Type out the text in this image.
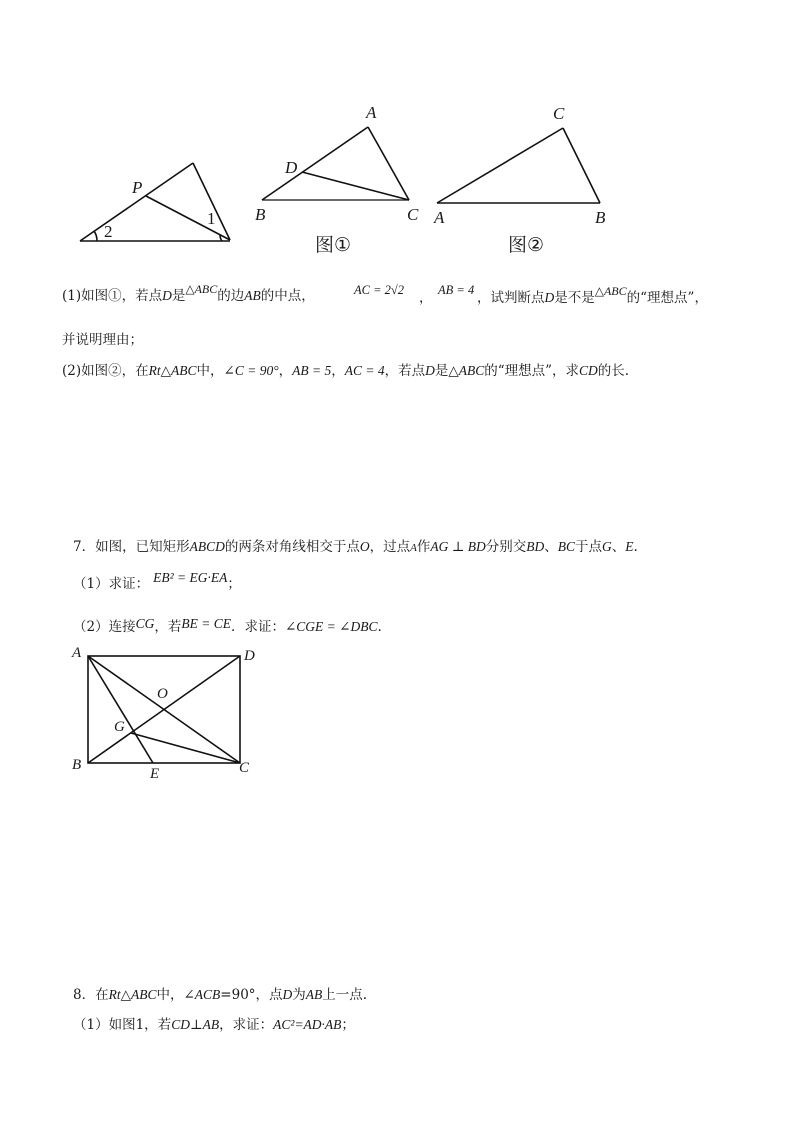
P
2
1
A
D
B	C
图①
C
A	B
图②
(1)如图①，若点D是△ABC的边AB的中点，	AC = 2√2 ， AB = 4 ，试判断点D是不是△ABC的“理想点”，
并说明理由；
(2)如图②，在Rt△ABC中，∠C = 90°，AB = 5，AC = 4，若点D是△ABC的“理想点”，求CD的长.
7．如图，已知矩形ABCD的两条对角线相交于点O，过点A作AG ⊥ BD分别交BD、BC于点G、E.
（1）求证： EB² = EG·EA；
（2）连接CG，若BE = CE．求证：∠CGE = ∠DBC.
A	D
O
G
B
E	C
8．在Rt△ABC中，∠ACB=90°，点D为AB上一点.
（1）如图1，若CD⊥AB，求证：AC²=AD·AB；
